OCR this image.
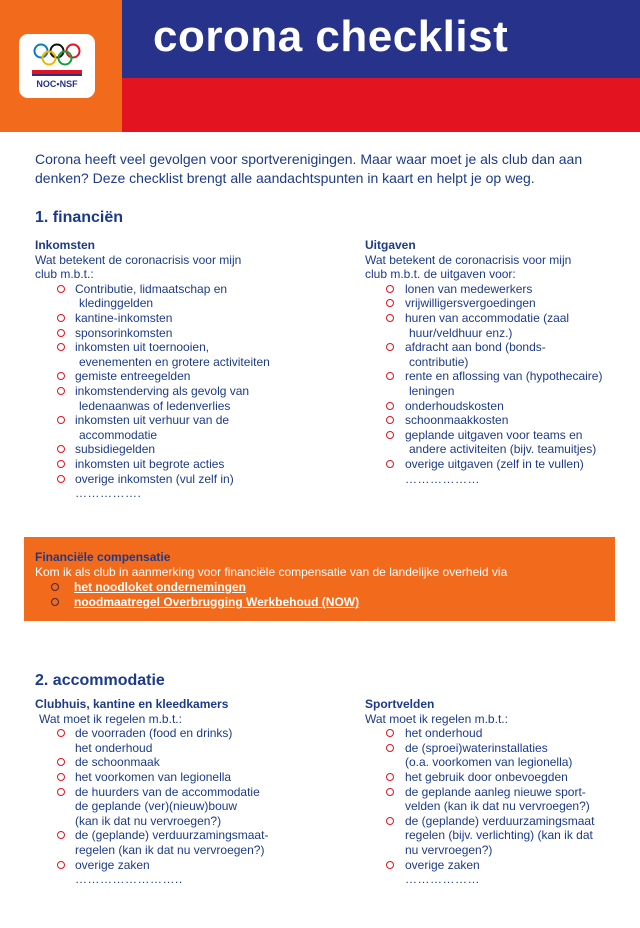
NOC•NSF
corona checklist
Corona heeft veel gevolgen voor sportverenigingen. Maar waar moet je als club dan aan denken? Deze checklist brengt alle aandachtspunten in kaart en helpt je op weg.
1. financiën
Inkomsten
Wat betekent de coronacrisis voor mijn
club m.b.t.:
Contributie, lidmaatschap en
kledinggelden
kantine-inkomsten
sponsorinkomsten
inkomsten uit toernooien,
evenementen en grotere activiteiten
gemiste entreegelden
inkomstenderving als gevolg van
ledenaanwas of ledenverlies
inkomsten uit verhuur van de
accommodatie
subsidiegelden
inkomsten uit begrote acties
overige inkomsten (vul zelf in)
…………….
Uitgaven
Wat betekent de coronacrisis voor mijn
club m.b.t. de uitgaven voor:
lonen van medewerkers
vrijwilligersvergoedingen
huren van accommodatie (zaal
huur/veldhuur enz.)
afdracht aan bond (bonds-
contributie)
rente en aflossing van (hypothecaire)
leningen
onderhoudskosten
schoonmaakkosten
geplande uitgaven voor teams en
andere activiteiten (bijv. teamuitjes)
overige uitgaven (zelf in te vullen)
………………
Financiële compensatie
Kom ik als club in aanmerking voor financiële compensatie van de landelijke overheid via
het noodloket ondernemingen
noodmaatregel Overbrugging Werkbehoud (NOW)
2. accommodatie
Clubhuis, kantine en kleedkamers
Wat moet ik regelen m.b.t.:
de voorraden (food en drinks)
het onderhoud
de schoonmaak
het voorkomen van legionella
de huurders van de accommodatie
de geplande (ver)(nieuw)bouw
(kan ik dat nu vervroegen?)
de (geplande) verduurzamingsmaat-
regelen (kan ik dat nu vervroegen?)
overige zaken
……………………..
Sportvelden
Wat moet ik regelen m.b.t.:
het onderhoud
de (sproei)waterinstallaties
(o.a. voorkomen van legionella)
het gebruik door onbevoegden
de geplande aanleg nieuwe sport-
velden (kan ik dat nu vervroegen?)
de (geplande) verduurzamingsmaat
regelen (bijv. verlichting) (kan ik dat
nu vervroegen?)
overige zaken
………………
